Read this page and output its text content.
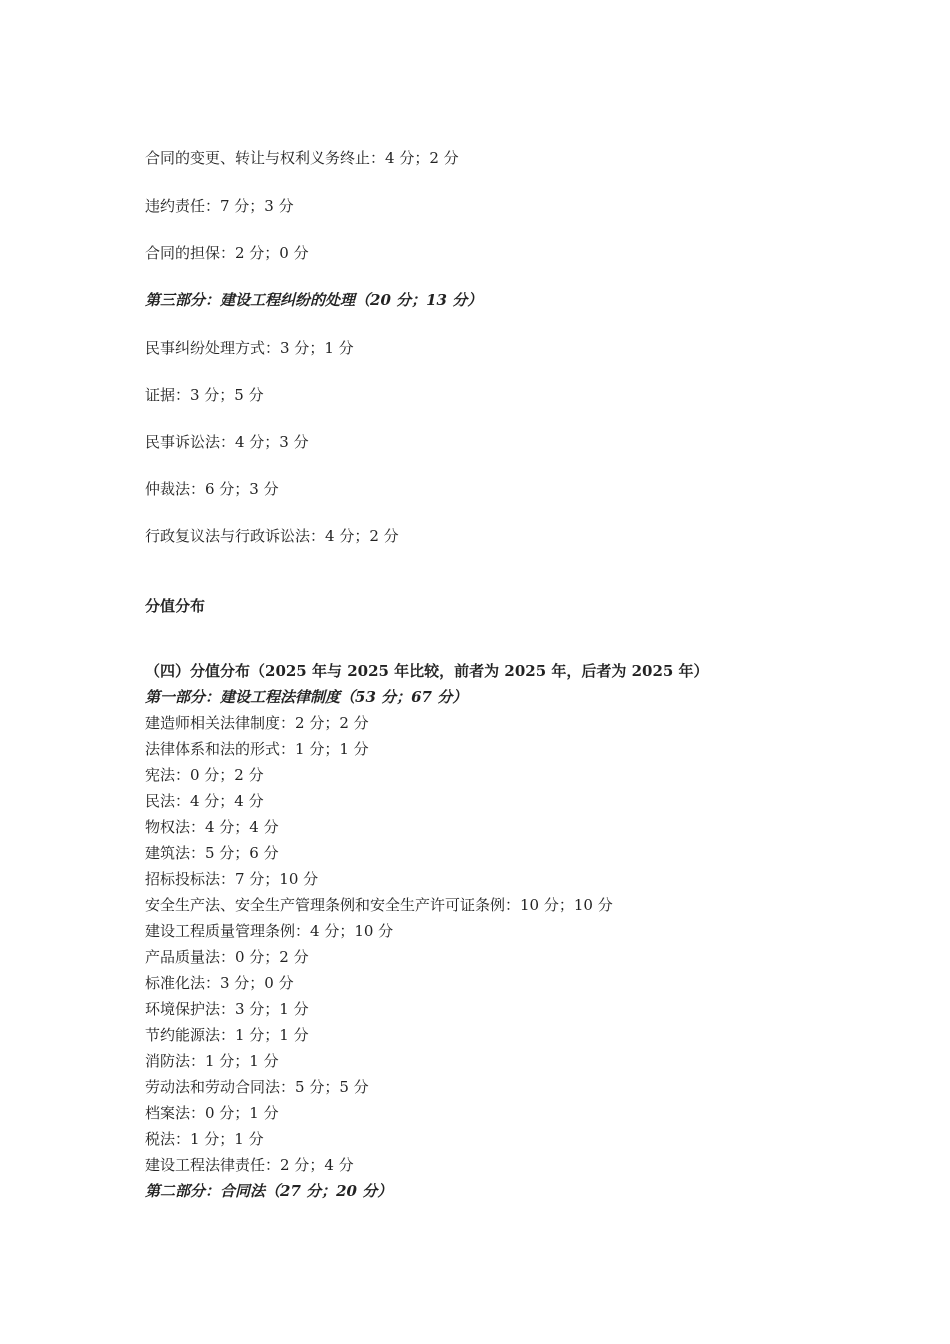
合同的变更、转让与权利义务终止：4 分；2 分

违约责任：7 分；3 分

合同的担保：2 分；0 分

第三部分：建设工程纠纷的处理（20 分；13 分）

民事纠纷处理方式：3 分；1 分

证据：3 分；5 分

民事诉讼法：4 分；3 分

仲裁法：6 分；3 分

行政复议法与行政诉讼法：4 分；2 分

分值分布

（四）分值分布（2025 年与 2025 年比较，前者为 2025 年，后者为 2025 年）

第一部分：建设工程法律制度（53 分；67 分）

建造师相关法律制度：2 分；2 分

法律体系和法的形式：1 分；1 分

宪法：0 分；2 分

民法：4 分；4 分

物权法：4 分；4 分

建筑法：5 分；6 分

招标投标法：7 分；10 分

安全生产法、安全生产管理条例和安全生产许可证条例：10 分；10 分

建设工程质量管理条例：4 分；10 分

产品质量法：0 分；2 分

标准化法：3 分；0 分

环境保护法：3 分；1 分

节约能源法：1 分；1 分

消防法：1 分；1 分

劳动法和劳动合同法：5 分；5 分

档案法：0 分；1 分

税法：1 分；1 分

建设工程法律责任：2 分；4 分

第二部分：合同法（27 分；20 分）
